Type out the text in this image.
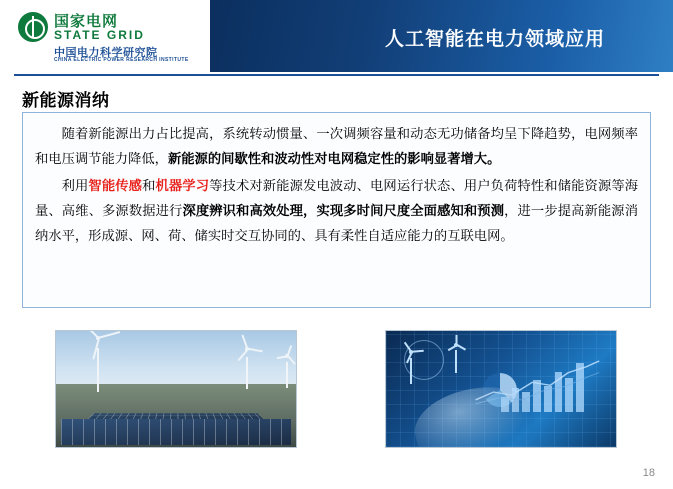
人工智能在电力领域应用
国家电网
STATE GRID
中国电力科学研究院
CHINA ELECTRIC POWER RESEARCH INSTITUTE
新能源消纳

随着新能源出力占比提高，系统转动惯量、一次调频容量和动态无功储备均呈下降趋势，电网频率和电压调节能力降低，新能源的间歇性和波动性对电网稳定性的影响显著增大。

利用智能传感和机器学习等技术对新能源发电波动、电网运行状态、用户负荷特性和储能资源等海量、高维、多源数据进行深度辨识和高效处理，实现多时间尺度全面感知和预测，进一步提高新能源消纳水平，形成源、网、荷、储实时交互协同的、具有柔性自适应能力的互联电网。

18
